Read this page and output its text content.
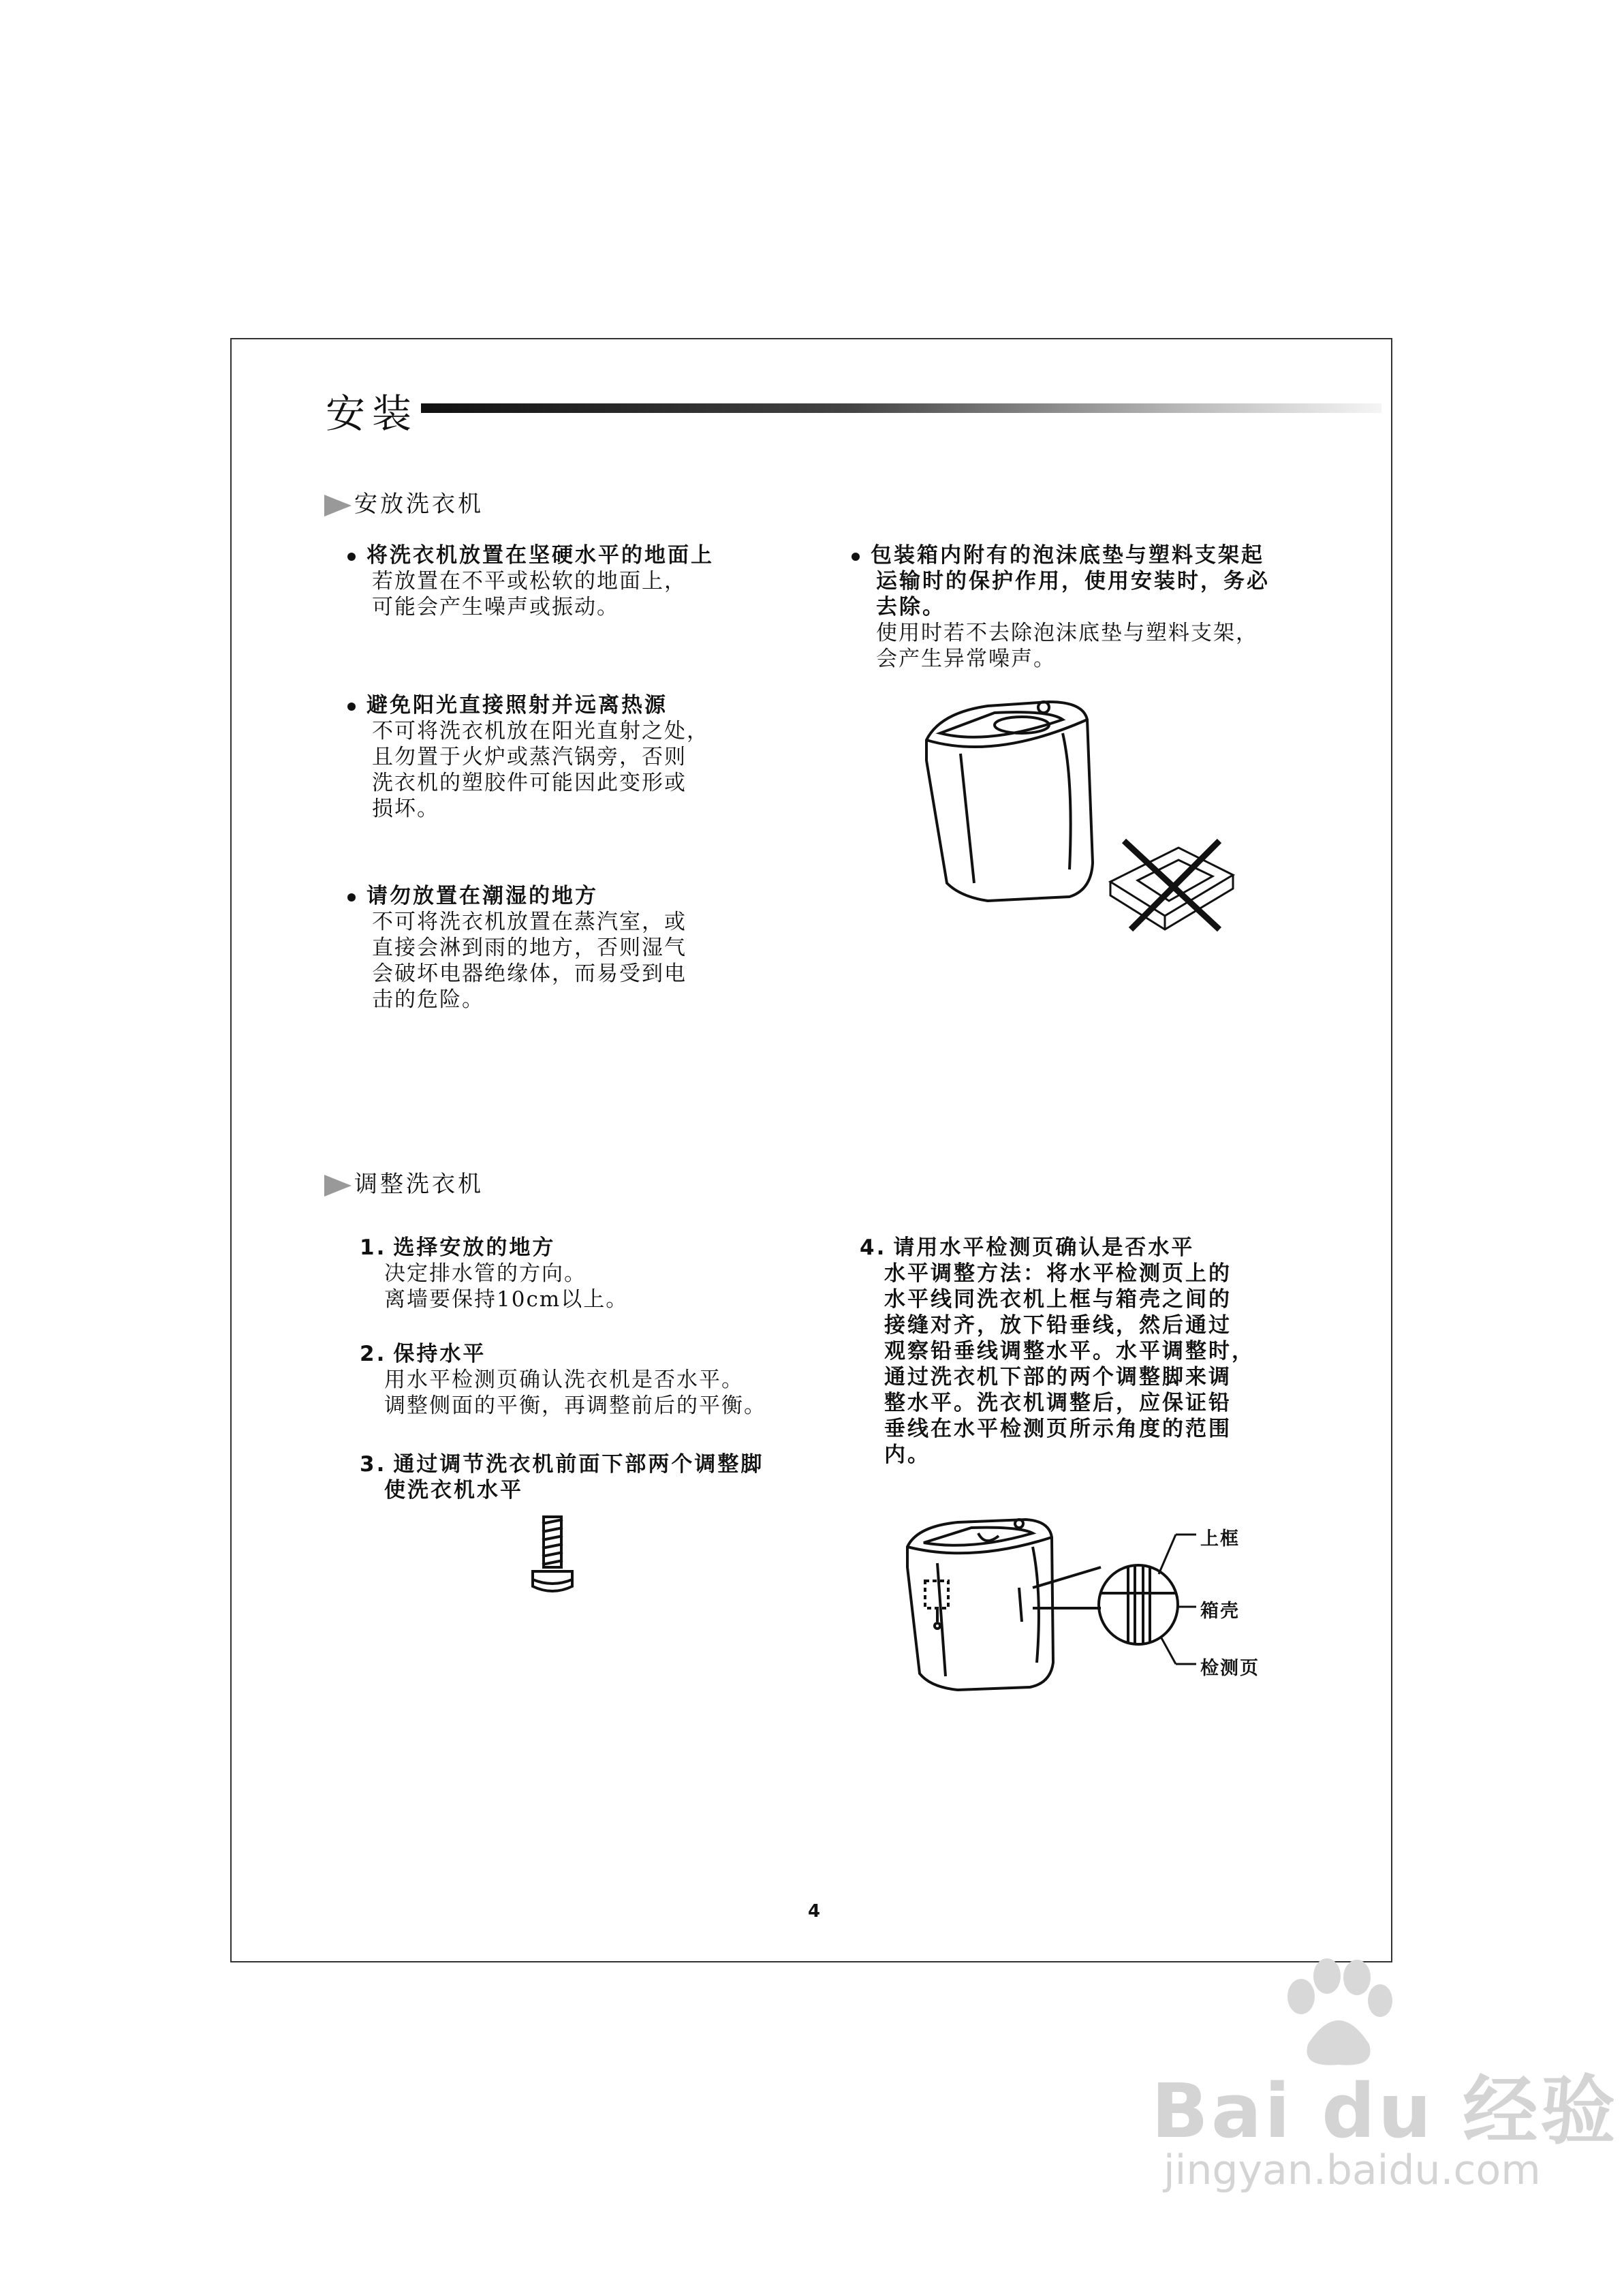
安装
安放洗衣机
将洗衣机放置在坚硬水平的地面上
若放置在不平或松软的地面上，
可能会产生噪声或振动。
避免阳光直接照射并远离热源
不可将洗衣机放在阳光直射之处，
且勿置于火炉或蒸汽锅旁，否则
洗衣机的塑胶件可能因此变形或
损坏。
请勿放置在潮湿的地方
不可将洗衣机放置在蒸汽室，或
直接会淋到雨的地方，否则湿气
会破坏电器绝缘体，而易受到电
击的危险。
包装箱内附有的泡沫底垫与塑料支架起
运输时的保护作用，使用安装时，务必
去除。
使用时若不去除泡沫底垫与塑料支架，
会产生异常噪声。
调整洗衣机
1. 选择安放的地方
决定排水管的方向。
离墙要保持10cm以上。
2. 保持水平
用水平检测页确认洗衣机是否水平。
调整侧面的平衡，再调整前后的平衡。
3. 通过调节洗衣机前面下部两个调整脚
使洗衣机水平
4. 请用水平检测页确认是否水平
水平调整方法：将水平检测页上的
水平线同洗衣机上框与箱壳之间的
接缝对齐，放下铅垂线，然后通过
观察铅垂线调整水平。水平调整时，
通过洗衣机下部的两个调整脚来调
整水平。洗衣机调整后，应保证铅
垂线在水平检测页所示角度的范围
内。
上框
箱壳
检测页
4
Bai du 经验
jingyan.baidu.com
